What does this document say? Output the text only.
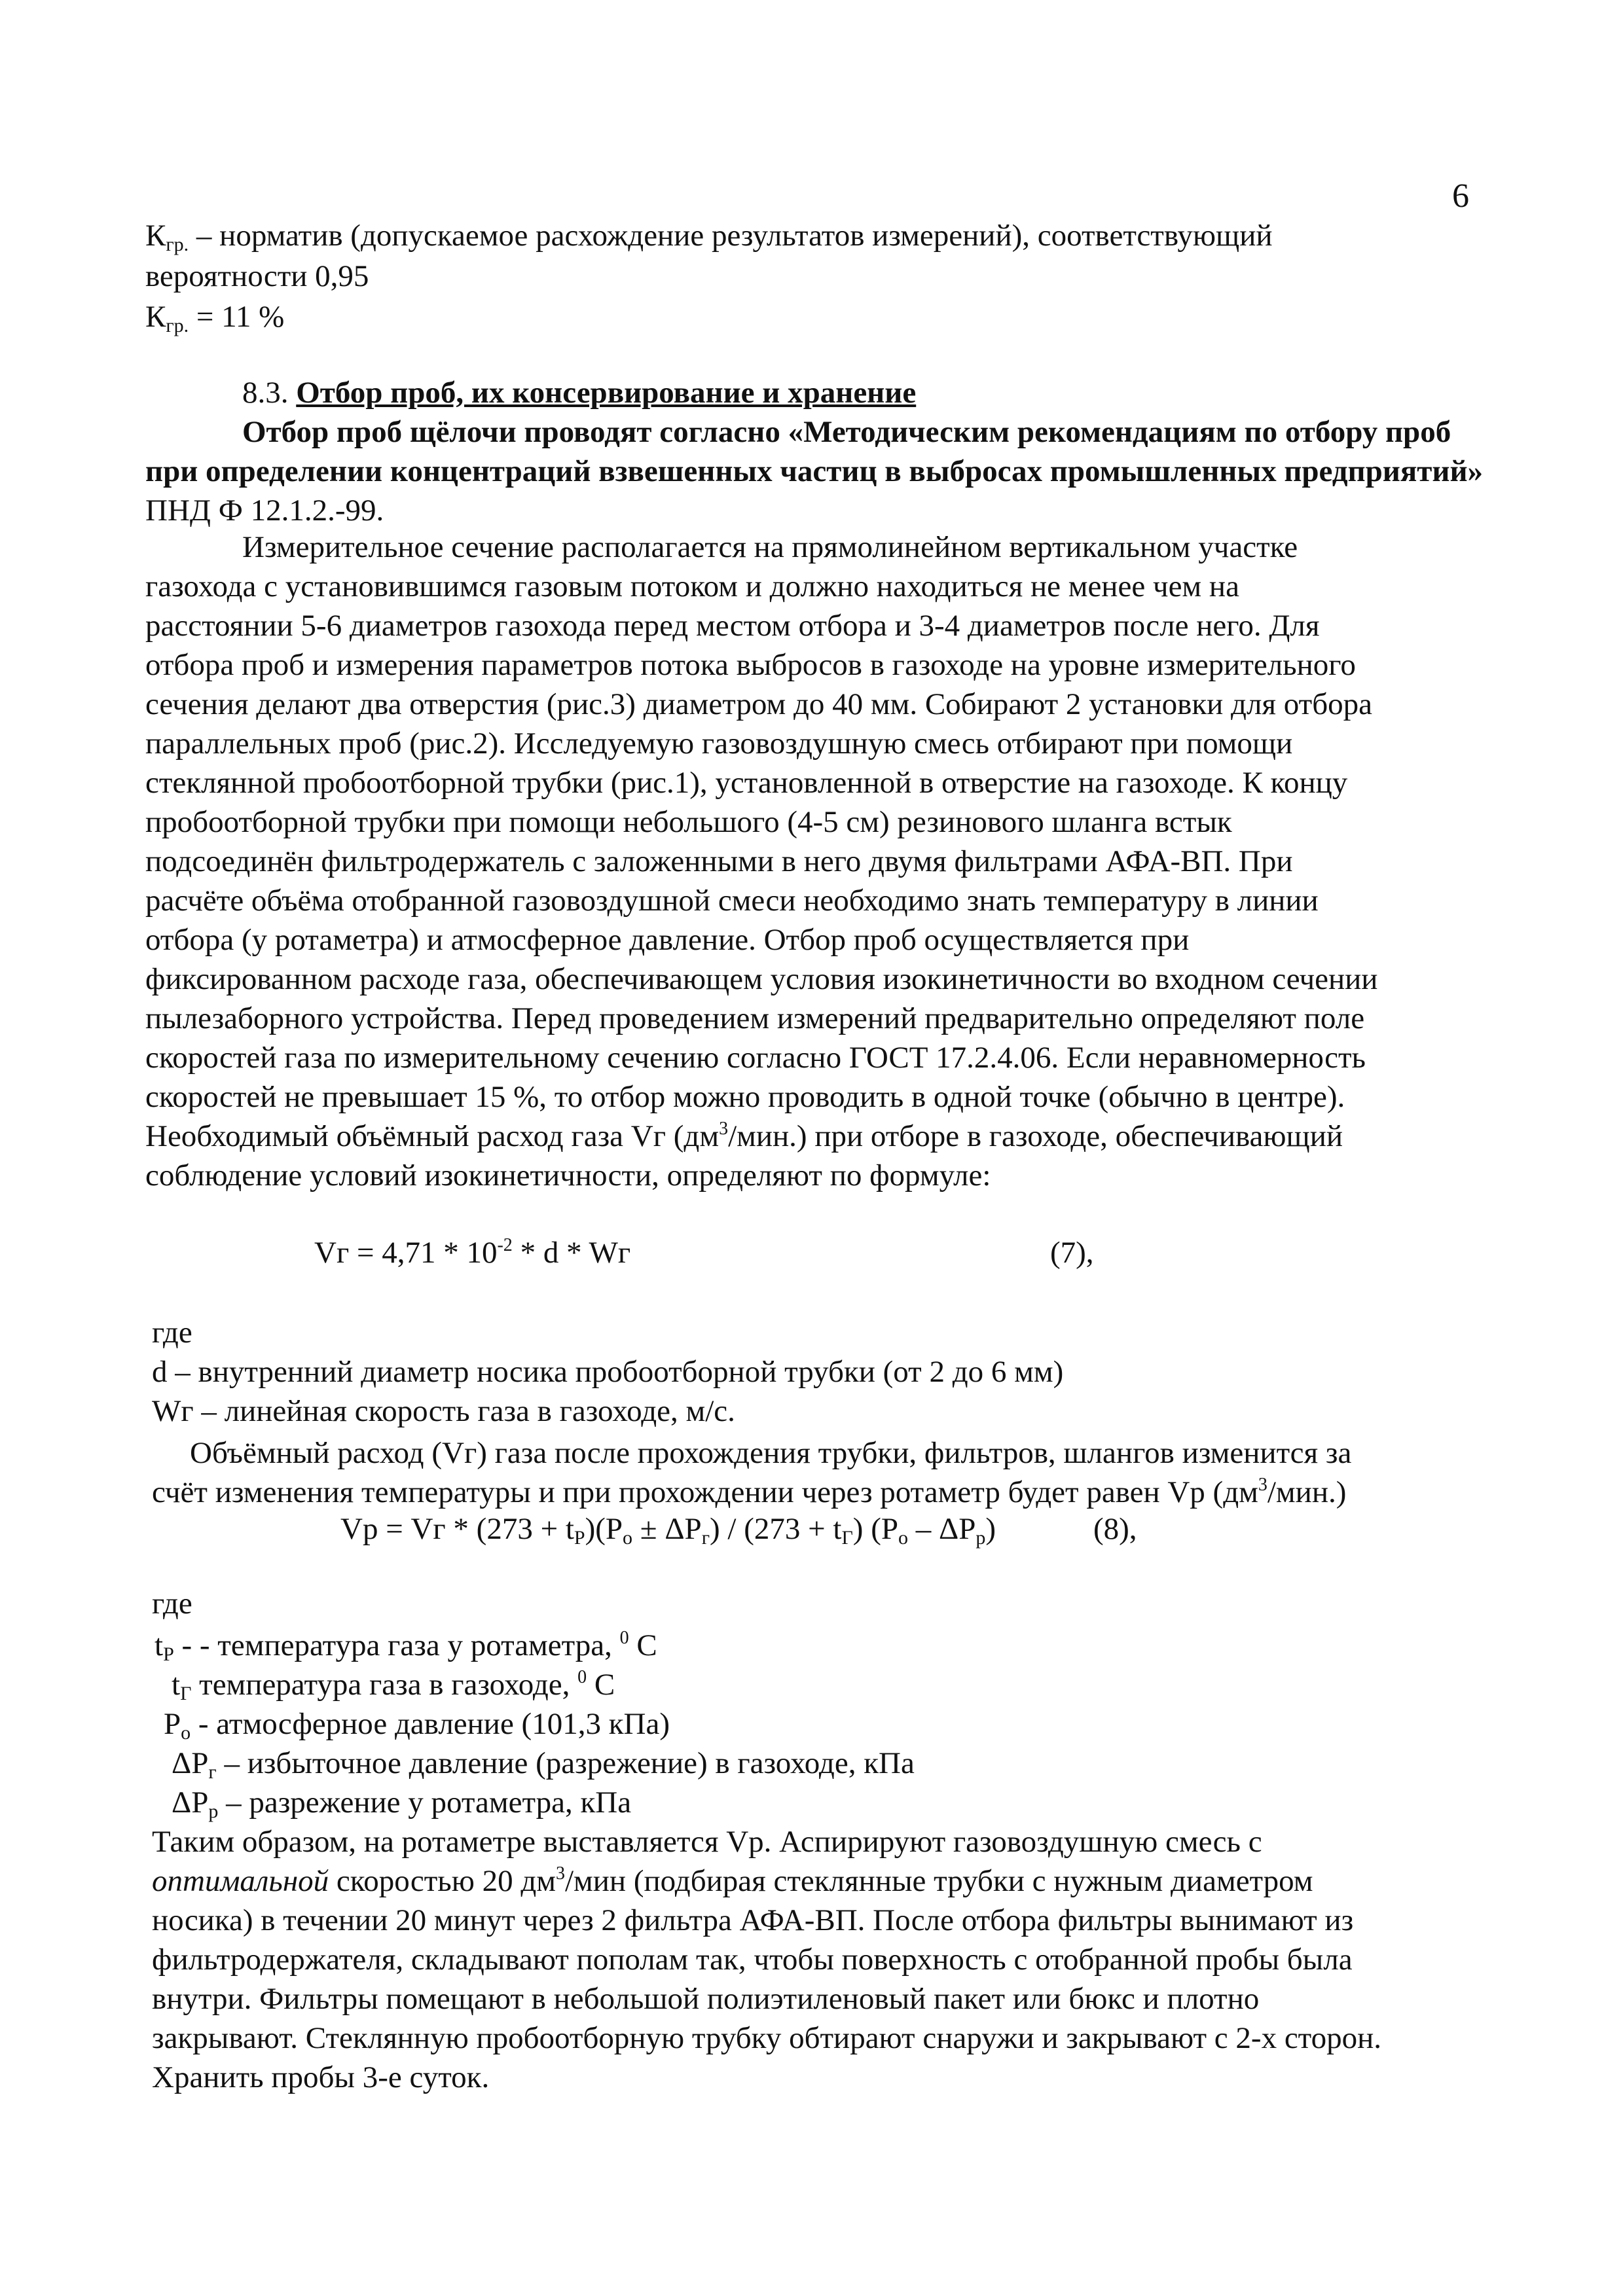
6
$К_{гр.}$ – норматив (допускаемое расхождение результатов измерений), соответствующий
вероятности 0,95
$К_{гр.} = 11$ %
8.3. Отбор проб, их консервирование и хранение
Отбор проб щёлочи проводят согласно «Методическим рекомендациям по отбору проб
при определении концентраций взвешенных частиц в выбросах промышленных предприятий»
ПНД Ф 12.1.2.-99.
Измерительное сечение располагается на прямолинейном вертикальном участке
газохода с установившимся газовым потоком и должно находиться не менее чем на
расстоянии 5-6 диаметров газохода перед местом отбора и 3-4 диаметров после него. Для
отбора проб и измерения параметров потока выбросов в газоходе на уровне измерительного
сечения делают два отверстия (рис.3) диаметром до 40 мм. Собирают 2 установки для отбора
параллельных проб (рис.2). Исследуемую газовоздушную смесь отбирают при помощи
стеклянной пробоотборной трубки (рис.1), установленной в отверстие на газоходе. К концу
пробоотборной трубки при помощи небольшого (4-5 см) резинового шланга встык
подсоединён фильтродержатель с заложенными в него двумя фильтрами АФА-ВП. При
расчёте объёма отобранной газовоздушной смеси необходимо знать температуру в линии
отбора (у ротаметра) и атмосферное давление. Отбор проб осуществляется при
фиксированном расходе газа, обеспечивающем условия изокинетичности во входном сечении
пылезаборного устройства. Перед проведением измерений предварительно определяют поле
скоростей газа по измерительному сечению согласно ГОСТ 17.2.4.06. Если неравномерность
скоростей не превышает 15 %, то отбор можно проводить в одной точке (обычно в центре).
Необходимый объёмный расход газа Vг $(дм^3/мин.)$ при отборе в газоходе, обеспечивающий
соблюдение условий изокинетичности, определяют по формуле:
Vг = $4,71 * 10^{-2}$ * d * Wг	(7),
где
d – внутренний диаметр носика пробоотборной трубки (от 2 до 6 мм)
Wг – линейная скорость газа в газоходе, м/с.
Объёмный расход (Vг) газа после прохождения трубки, фильтров, шлангов изменится за
счёт изменения температуры и при прохождении через ротаметр будет равен Vр $(дм^3/мин.)$
Vр = Vг * $(273 + t_Р)(P_о \pm \Delta P_г) / (273 + t_Г)$ $(P_о - \Delta P_р)$	(8),
где
$t_Р$ - - температура газа у ротаметра, $^0$ С
$t_Г$ температура газа в газоходе, $^0$ С
$P_о$ - атмосферное давление (101,3 кПа)
$\Delta P_г$ – избыточное давление (разрежение) в газоходе, кПа
$\Delta P_р$ – разрежение у ротаметра, кПа
Таким образом, на ротаметре выставляется Vр. Аспирируют газовоздушную смесь с
оптимальной скоростью 20 $дм^3$/мин (подбирая стеклянные трубки с нужным диаметром
носика) в течении 20 минут через 2 фильтра АФА-ВП. После отбора фильтры вынимают из
фильтродержателя, складывают пополам так, чтобы поверхность с отобранной пробы была
внутри. Фильтры помещают в небольшой полиэтиленовый пакет или бюкс и плотно
закрывают. Стеклянную пробоотборную трубку обтирают снаружи и закрывают с 2-х сторон.
Хранить пробы 3-е суток.
